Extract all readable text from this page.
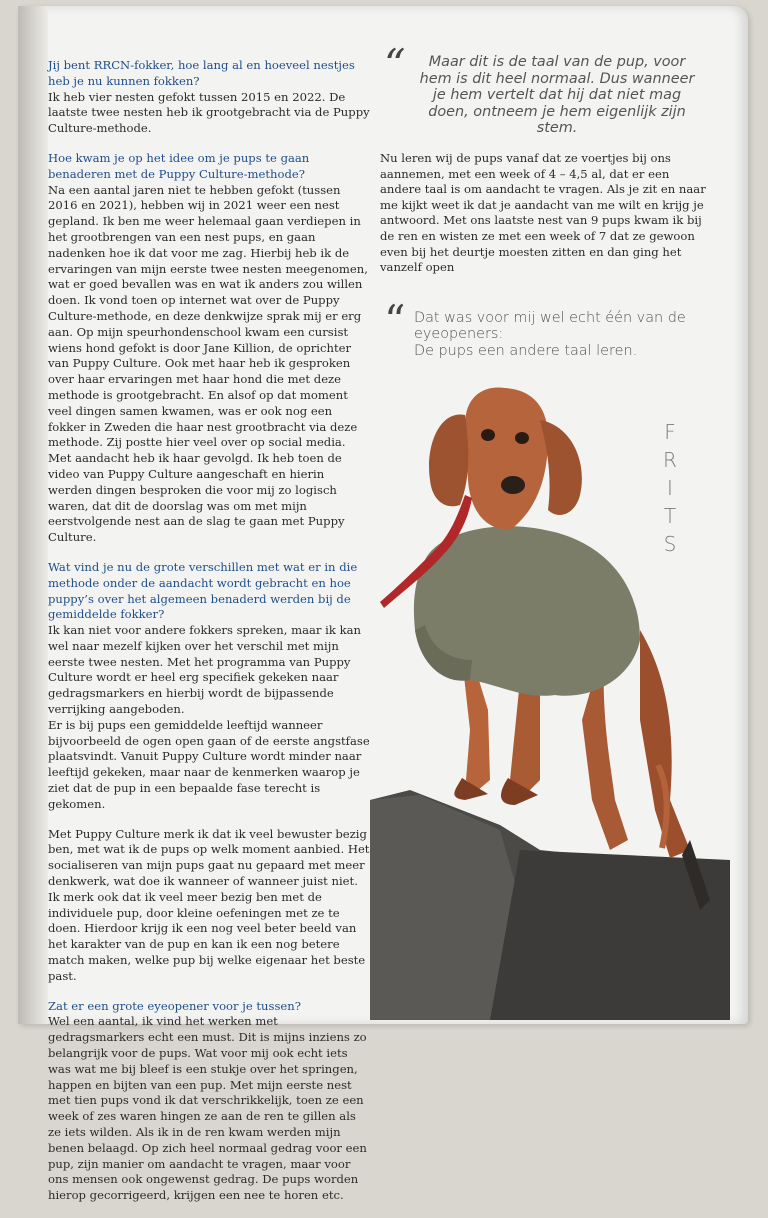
Jij bent RRCN-fokker, hoe lang al en hoeveel nestjes heb je nu kunnen fokken?
Ik heb vier nesten gefokt tussen 2015 en 2022. De laatste twee nesten heb ik grootgebracht via de Puppy Culture-methode.

Hoe kwam je op het idee om je pups te gaan benaderen met de Puppy Culture-methode?
Na een aantal jaren niet te hebben gefokt (tussen 2016 en 2021), hebben wij in 2021 weer een nest gepland. Ik ben me weer helemaal gaan verdiepen in het grootbrengen van een nest pups, en gaan nadenken hoe ik dat voor me zag. Hierbij heb ik de ervaringen van mijn eerste twee nesten meegenomen, wat er goed bevallen was en wat ik anders zou willen doen. Ik vond toen op internet wat over de Puppy Culture-methode, en deze denkwijze sprak mij er erg aan. Op mijn speurhondenschool kwam een cursist wiens hond gefokt is door Jane Killion, de oprichter van Puppy Culture. Ook met haar heb ik gesproken over haar ervaringen met haar hond die met deze methode is grootgebracht. En alsof op dat moment veel dingen samen kwamen, was er ook nog een fokker in Zweden die haar nest grootbracht via deze methode. Zij postte hier veel over op social media. Met aandacht heb ik haar gevolgd. Ik heb toen de video van Puppy Culture aangeschaft en hierin werden dingen besproken die voor mij zo logisch waren, dat dit de doorslag was om met mijn eerstvolgende nest aan de slag te gaan met Puppy Culture.

Wat vind je nu de grote verschillen met wat er in die methode onder de aandacht wordt gebracht en hoe puppy’s over het algemeen benaderd werden bij de gemiddelde fokker?
Ik kan niet voor andere fokkers spreken, maar ik kan wel naar mezelf kijken over het verschil met mijn eerste twee nesten. Met het programma van Puppy Culture wordt er heel erg specifiek gekeken naar gedragsmarkers en hierbij wordt de bijpassende verrijking aangeboden.
Er is bij pups een gemiddelde leeftijd wanneer bijvoorbeeld de ogen open gaan of de eerste angstfase plaatsvindt. Vanuit Puppy Culture wordt minder naar leeftijd gekeken, maar naar de kenmerken waarop je ziet dat de pup in een bepaalde fase terecht is gekomen.

Met Puppy Culture merk ik dat ik veel bewuster bezig ben, met wat ik de pups op welk moment aanbied. Het socialiseren van mijn pups gaat nu gepaard met meer denkwerk, wat doe ik wanneer of wanneer juist niet. Ik merk ook dat ik veel meer bezig ben met de individuele pup, door kleine oefeningen met ze te doen. Hierdoor krijg ik een nog veel beter beeld van het karakter van de pup en kan ik een nog betere match maken, welke pup bij welke eigenaar het beste past.

Zat er een grote eyeopener voor je tussen?
Wel een aantal, ik vind het werken met gedragsmarkers echt een must. Dit is mijns inziens zo belangrijk voor de pups. Wat voor mij ook echt iets was wat me bij bleef is een stukje over het springen, happen en bijten van een pup. Met mijn eerste nest met tien pups vond ik dat verschrikkelijk, toen ze een week of zes waren hingen ze aan de ren te gillen als ze iets wilden. Als ik in de ren kwam werden mijn benen belaagd. Op zich heel normaal gedrag voor een pup, zijn manier om aandacht te vragen, maar voor ons mensen ook ongewenst gedrag. De pups worden hierop gecorrigeerd, krijgen een nee te horen etc.

“ Maar dit is de taal van de pup, voor hem is dit heel normaal. Dus wanneer je hem vertelt dat hij dat niet mag doen, ontneem je hem eigenlijk zijn stem.
Nu leren wij de pups vanaf dat ze voertjes bij ons aannemen, met een week of 4 – 4,5 al, dat er een andere taal is om aandacht te vragen. Als je zit en naar me kijkt weet ik dat je aandacht van me wilt en krijg je antwoord. Met ons laatste nest van 9 pups kwam ik bij de ren en wisten ze met een week of 7 dat ze gewoon even bij het deurtje moesten zitten en dan ging het vanzelf open
“ Dat was voor mij wel echt één van de eyeopeners:
De pups een andere taal leren.
F
R
I
T
S
